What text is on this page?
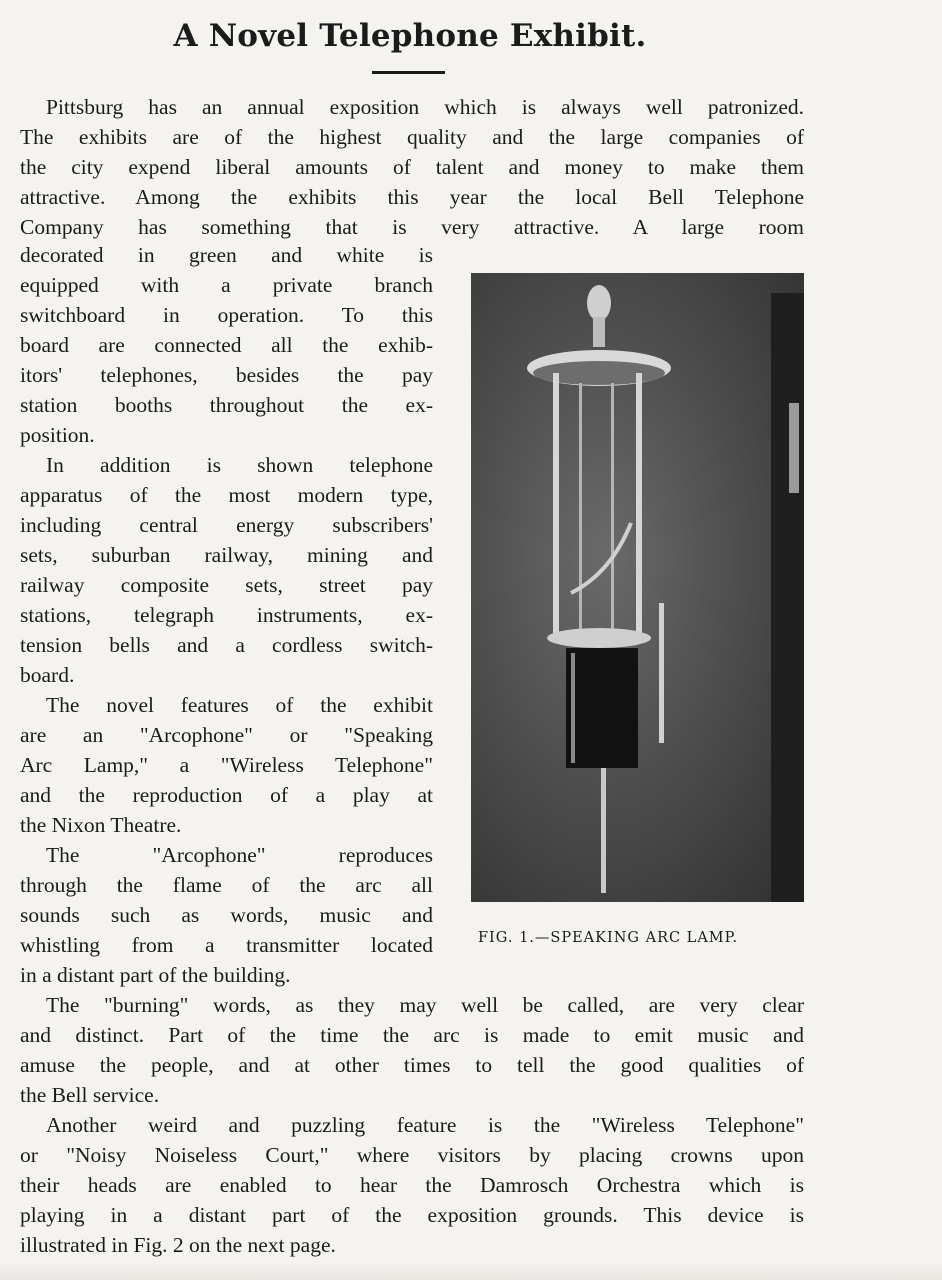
A Novel Telephone Exhibit.
Pittsburg has an annual exposition which is always well patronized.
The exhibits are of the highest quality and the large companies of
the city expend liberal amounts of talent and money to make them
attractive. Among the exhibits this year the local Bell Telephone
Company has something that is very attractive. A large room
decorated in green and white is
equipped with a private branch
switchboard in operation. To this
board are connected all the exhib-
itors' telephones, besides the pay
station booths throughout the ex-
position.
In addition is shown telephone
apparatus of the most modern type,
including central energy subscribers'
sets, suburban railway, mining and
railway composite sets, street pay
stations, telegraph instruments, ex-
tension bells and a cordless switch-
board.
The novel features of the exhibit
are an "Arcophone" or "Speaking
Arc Lamp," a "Wireless Telephone"
and the reproduction of a play at
the Nixon Theatre.
The "Arcophone" reproduces
through the flame of the arc all
sounds such as words, music and
whistling from a transmitter located
in a distant part of the building.
FIG. 1.—SPEAKING ARC LAMP.
The "burning" words, as they may well be called, are very clear
and distinct. Part of the time the arc is made to emit music and
amuse the people, and at other times to tell the good qualities of
the Bell service.
Another weird and puzzling feature is the "Wireless Telephone"
or "Noisy Noiseless Court," where visitors by placing crowns upon
their heads are enabled to hear the Damrosch Orchestra which is
playing in a distant part of the exposition grounds. This device is
illustrated in Fig. 2 on the next page.
